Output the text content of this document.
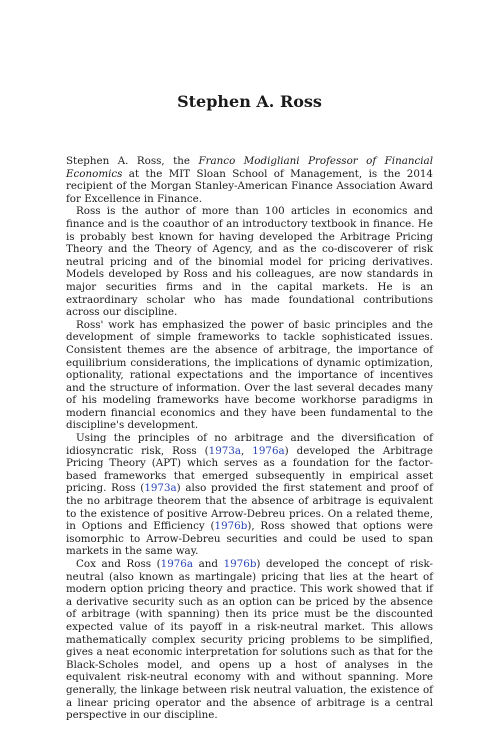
Stephen A. Ross

Stephen A. Ross, the Franco Modigliani Professor of Financial Economics at the MIT Sloan School of Management, is the 2014 recipient of the Morgan Stanley-American Finance Association Award for Excellence in Finance.

Ross is the author of more than 100 articles in economics and finance and is the coauthor of an introductory textbook in finance. He is probably best known for having developed the Arbitrage Pricing Theory and the Theory of Agency, and as the co-discoverer of risk neutral pricing and of the binomial model for pricing derivatives. Models developed by Ross and his colleagues, are now standards in major securities firms and in the capital markets. He is an extraordinary scholar who has made foundational contributions across our discipline.

Ross' work has emphasized the power of basic principles and the development of simple frameworks to tackle sophisticated issues. Consistent themes are the absence of arbitrage, the importance of equilibrium considerations, the implications of dynamic optimization, optionality, rational expectations and the importance of incentives and the structure of information. Over the last several decades many of his modeling frameworks have become workhorse paradigms in modern financial economics and they have been fundamental to the discipline's development.

Using the principles of no arbitrage and the diversification of idiosyncratic risk, Ross (1973a, 1976a) developed the Arbitrage Pricing Theory (APT) which serves as a foundation for the factor-based frameworks that emerged subsequently in empirical asset pricing. Ross (1973a) also provided the first statement and proof of the no arbitrage theorem that the absence of arbitrage is equivalent to the existence of positive Arrow-Debreu prices. On a related theme, in Options and Efficiency (1976b), Ross showed that options were isomorphic to Arrow-Debreu securities and could be used to span markets in the same way.

Cox and Ross (1976a and 1976b) developed the concept of risk-neutral (also known as martingale) pricing that lies at the heart of modern option pricing theory and practice. This work showed that if a derivative security such as an option can be priced by the absence of arbitrage (with spanning) then its price must be the discounted expected value of its payoff in a risk-neutral market. This allows mathematically complex security pricing problems to be simplified, gives a neat economic interpretation for solutions such as that for the Black-Scholes model, and opens up a host of analyses in the equivalent risk-neutral economy with and without spanning. More generally, the linkage between risk neutral valuation, the existence of a linear pricing operator and the absence of arbitrage is a central perspective in our discipline.
